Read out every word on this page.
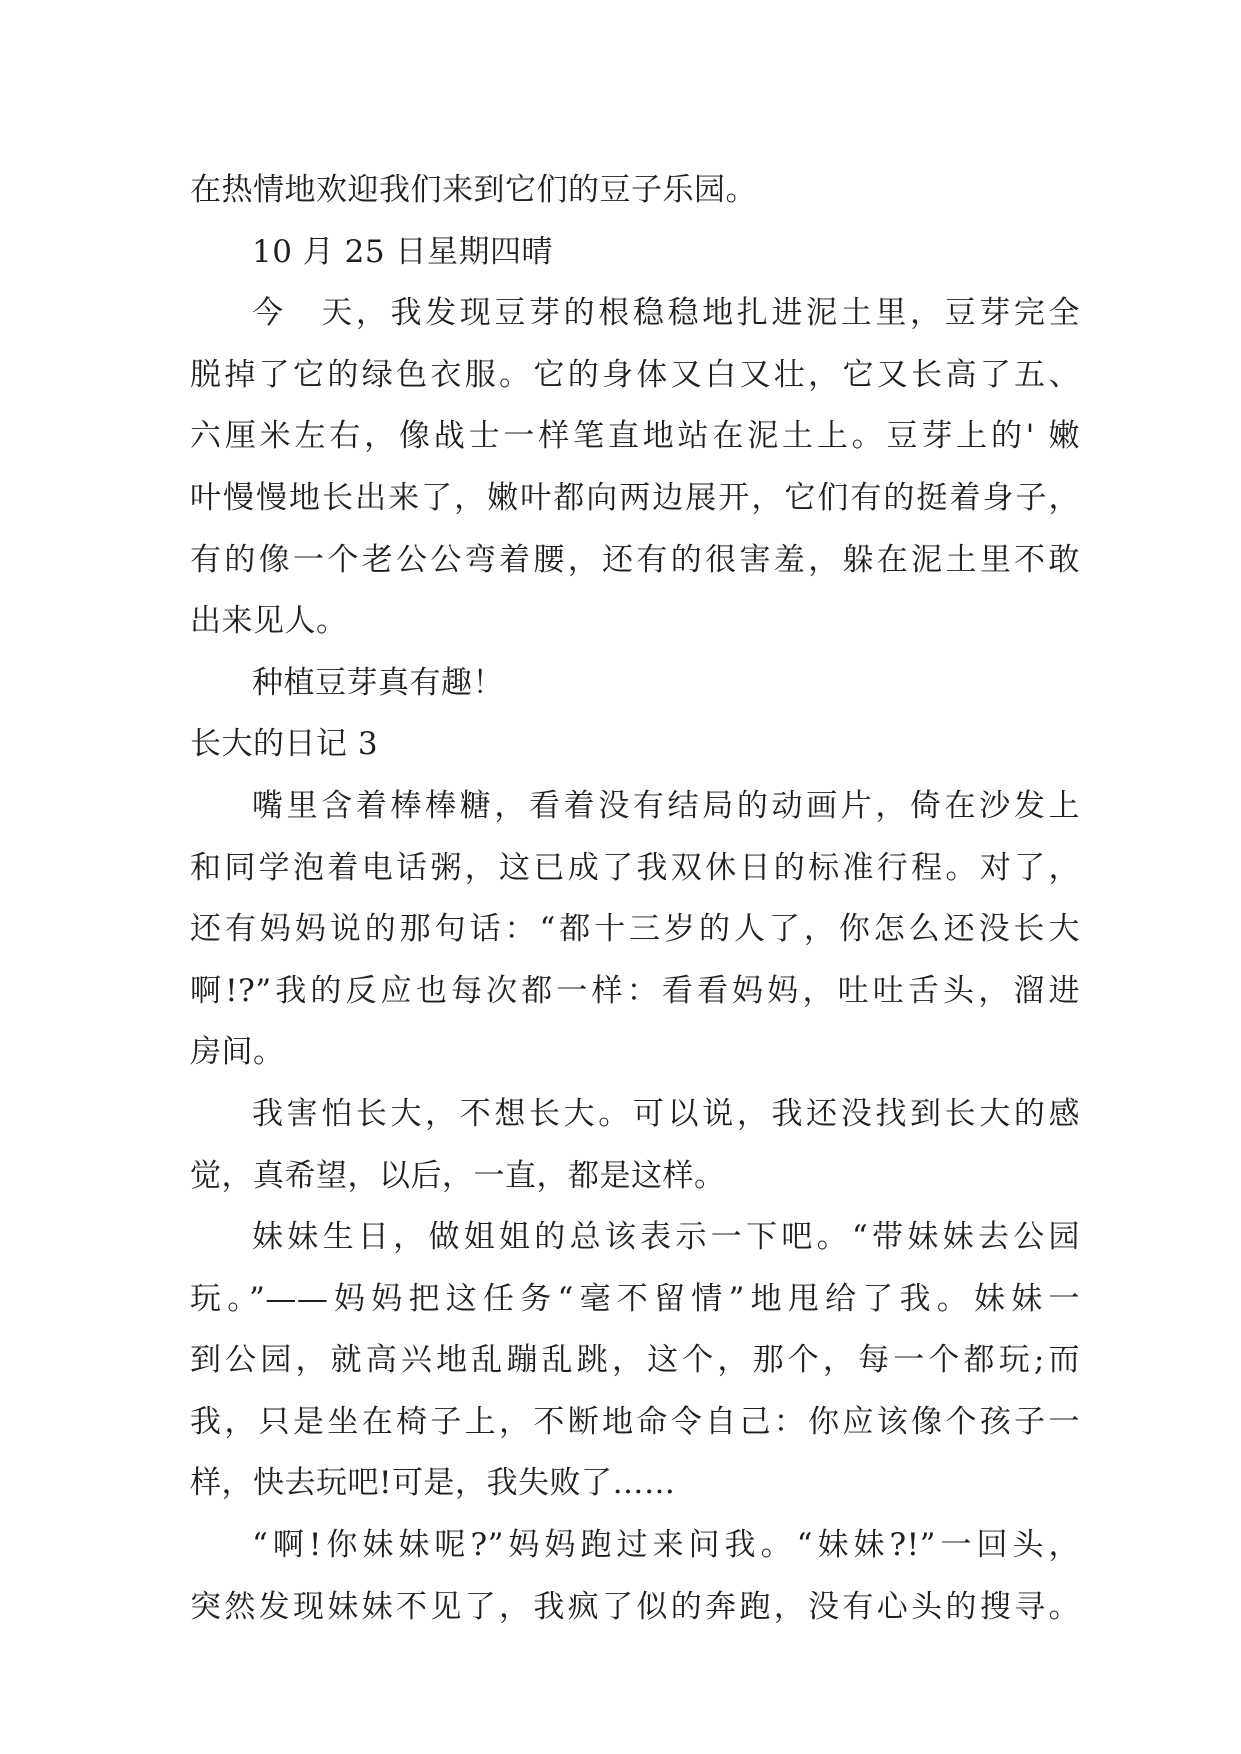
在热情地欢迎我们来到它们的豆子乐园。
10 月 25 日星期四晴
今　天，我发现豆芽的根稳稳地扎进泥土里，豆芽完全
脱掉了它的绿色衣服。它的身体又白又壮，它又长高了五、
六厘米左右，像战士一样笔直地站在泥土上。豆芽上的' 嫩
叶慢慢地长出来了，嫩叶都向两边展开，它们有的挺着身子，
有的像一个老公公弯着腰，还有的很害羞，躲在泥土里不敢
出来见人。
种植豆芽真有趣！
长大的日记 3
嘴里含着棒棒糖，看着没有结局的动画片，倚在沙发上
和同学泡着电话粥，这已成了我双休日的标准行程。对了，
还有妈妈说的那句话：“都十三岁的人了，你怎么还没长大
啊!?”我的反应也每次都一样：看看妈妈，吐吐舌头，溜进
房间。
我害怕长大，不想长大。可以说，我还没找到长大的感
觉，真希望，以后，一直，都是这样。
妹妹生日，做姐姐的总该表示一下吧。“带妹妹去公园
玩。”——妈妈把这任务“毫不留情”地甩给了我。妹妹一
到公园，就高兴地乱蹦乱跳，这个，那个，每一个都玩;而
我，只是坐在椅子上，不断地命令自己：你应该像个孩子一
样，快去玩吧!可是，我失败了……
“啊!你妹妹呢?”妈妈跑过来问我。“妹妹?!”一回头，
突然发现妹妹不见了，我疯了似的奔跑，没有心头的搜寻。
